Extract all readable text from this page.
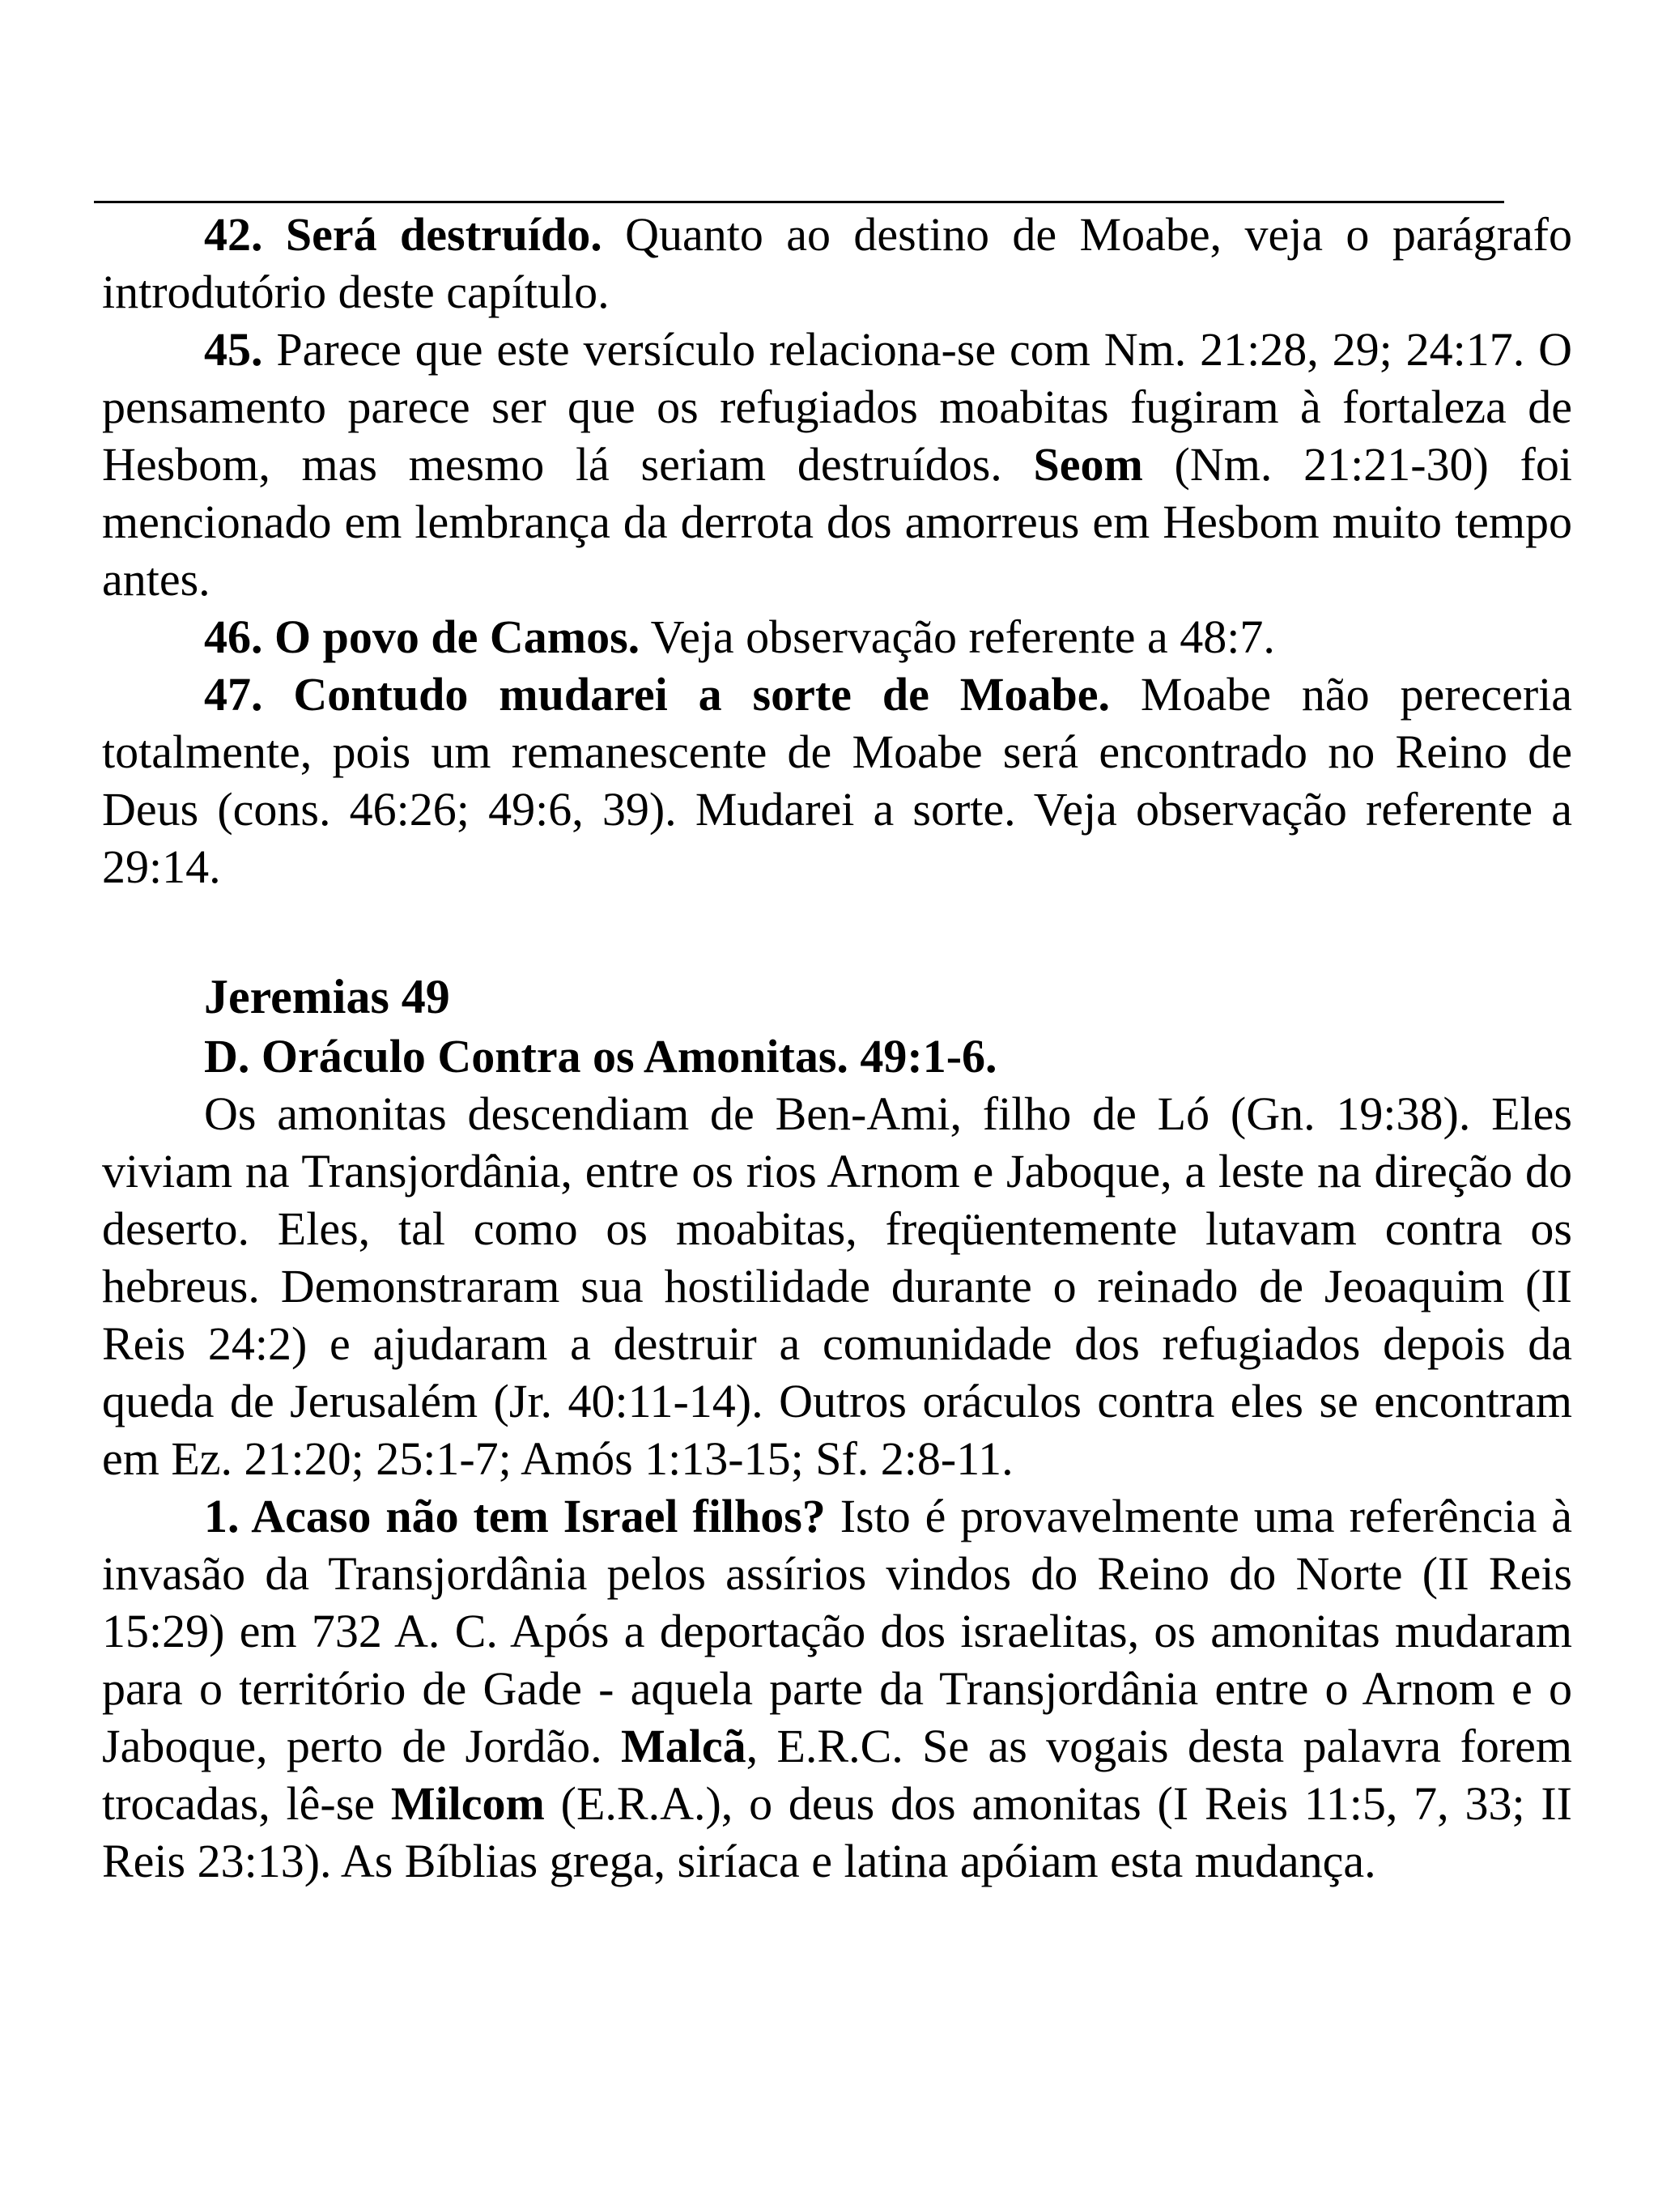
42. Será destruído. Quanto ao destino de Moabe, veja o parágrafo introdutório deste capítulo.

45. Parece que este versículo relaciona-se com Nm. 21:28, 29; 24:17. O pensamento parece ser que os refugiados moabitas fugiram à fortaleza de Hesbom, mas mesmo lá seriam destruídos. Seom (Nm. 21:21-30) foi mencionado em lembrança da derrota dos amorreus em Hesbom muito tempo antes.

46. O povo de Camos. Veja observação referente a 48:7.

47. Contudo mudarei a sorte de Moabe. Moabe não pereceria totalmente, pois um remanescente de Moabe será encontrado no Reino de Deus (cons. 46:26; 49:6, 39). Mudarei a sorte. Veja observação referente a 29:14.

Jeremias 49
D. Oráculo Contra os Amonitas. 49:1-6.

Os amonitas descendiam de Ben-Ami, filho de Ló (Gn. 19:38). Eles viviam na Transjordânia, entre os rios Arnom e Jaboque, a leste na direção do deserto. Eles, tal como os moabitas, freqüentemente lutavam contra os hebreus. Demonstraram sua hostilidade durante o reinado de Jeoaquim (II Reis 24:2) e ajudaram a destruir a comunidade dos refugiados depois da queda de Jerusalém (Jr. 40:11-14). Outros oráculos contra eles se encontram em Ez. 21:20; 25:1-7; Amós 1:13-15; Sf. 2:8-11.

1. Acaso não tem Israel filhos? Isto é provavelmente uma referência à invasão da Transjordânia pelos assírios vindos do Reino do Norte (II Reis 15:29) em 732 A. C. Após a deportação dos israelitas, os amonitas mudaram para o território de Gade - aquela parte da Transjordânia entre o Arnom e o Jaboque, perto de Jordão. Malcã, E.R.C. Se as vogais desta palavra forem trocadas, lê-se Milcom (E.R.A.), o deus dos amonitas (I Reis 11:5, 7, 33; II Reis 23:13). As Bíblias grega, siríaca e latina apóiam esta mudança.
